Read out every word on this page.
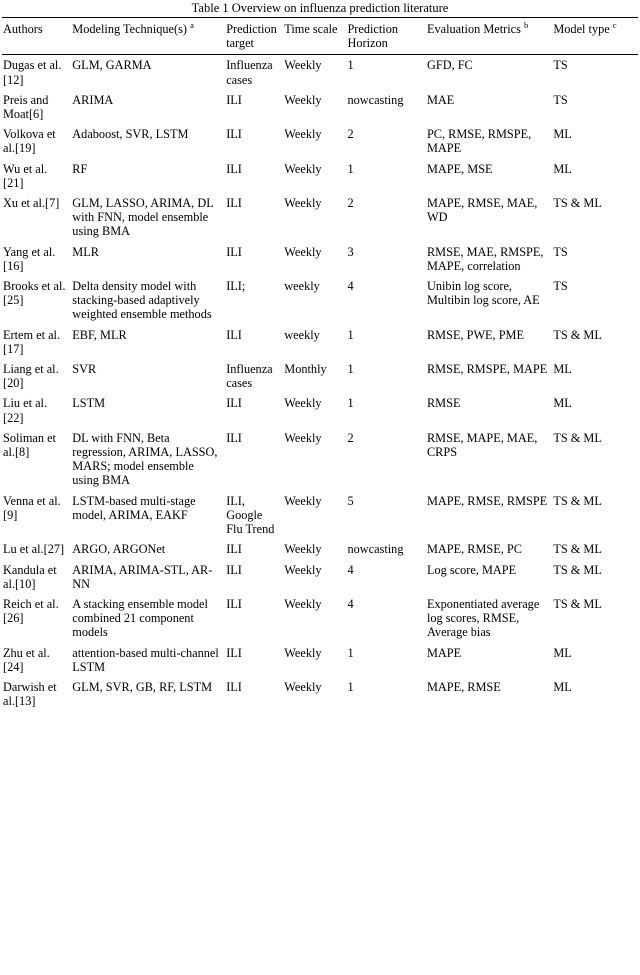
Table 1 Overview on influenza prediction literature
Authors	Modeling Technique(s) $^a$	Prediction target	Time scale	Prediction Horizon	Evaluation Metrics $^b$	Model type $^c$
Dugas et al.[12]	GLM, GARMA	Influenza cases	Weekly	1	GFD, FC	TS
Preis and Moat[6]	ARIMA	ILI	Weekly	nowcasting	MAE	TS
Volkova et al.[19]	Adaboost, SVR, LSTM	ILI	Weekly	2	PC, RMSE, RMSPE, MAPE	ML
Wu et al.[21]	RF	ILI	Weekly	1	MAPE, MSE	ML
Xu et al.[7]	GLM, LASSO, ARIMA, DL with FNN, model ensemble using BMA	ILI	Weekly	2	MAPE, RMSE, MAE, WD	TS & ML
Yang et al.[16]	MLR	ILI	Weekly	3	RMSE, MAE, RMSPE, MAPE, correlation	TS
Brooks et al.[25]	Delta density model with stacking-based adaptively weighted ensemble methods	ILI;	weekly	4	Unibin log score, Multibin log score, AE	TS
Ertem et al.[17]	EBF, MLR	ILI	weekly	1	RMSE, PWE, PME	TS & ML
Liang et al.[20]	SVR	Influenza cases	Monthly	1	RMSE, RMSPE, MAPE	ML
Liu et al.[22]	LSTM	ILI	Weekly	1	RMSE	ML
Soliman et al.[8]	DL with FNN, Beta regression, ARIMA, LASSO, MARS; model ensemble using BMA	ILI	Weekly	2	RMSE, MAPE, MAE, CRPS	TS & ML
Venna et al.[9]	LSTM-based multi-stage model, ARIMA, EAKF	ILI, Google Flu Trend	Weekly	5	MAPE, RMSE, RMSPE	TS & ML
Lu et al.[27]	ARGO, ARGONet	ILI	Weekly	nowcasting	MAPE, RMSE, PC	TS & ML
Kandula et al.[10]	ARIMA, ARIMA-STL, AR-NN	ILI	Weekly	4	Log score, MAPE	TS & ML
Reich et al.[26]	A stacking ensemble model combined 21 component models	ILI	Weekly	4	Exponentiated average log scores, RMSE, Average bias	TS & ML
Zhu et al.[24]	attention-based multi-channel LSTM	ILI	Weekly	1	MAPE	ML
Darwish et al.[13]	GLM, SVR, GB, RF, LSTM	ILI	Weekly	1	MAPE, RMSE	ML
